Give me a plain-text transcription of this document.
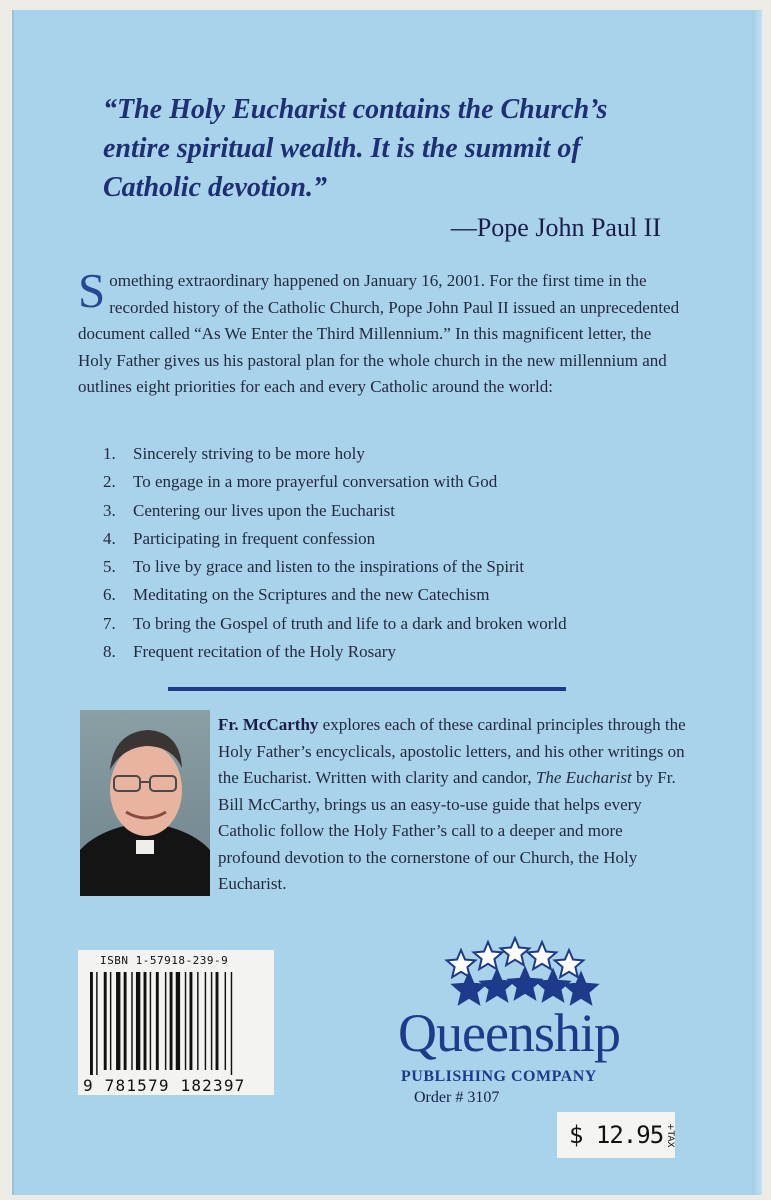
“The Holy Eucharist contains the Church’s entire spiritual wealth. It is the summit of Catholic devotion.”

—Pope John Paul II

Something extraordinary happened on January 16, 2001. For the first time in the recorded history of the Catholic Church, Pope John Paul II issued an unprecedented document called “As We Enter the Third Millennium.” In this magnificent letter, the Holy Father gives us his pastoral plan for the whole church in the new millennium and outlines eight priorities for each and every Catholic around the world:

1.	Sincerely striving to be more holy
2.	To engage in a more prayerful conversation with God
3.	Centering our lives upon the Eucharist
4.	Participating in frequent confession
5.	To live by grace and listen to the inspirations of the Spirit
6.	Meditating on the Scriptures and the new Catechism
7.	To bring the Gospel of truth and life to a dark and broken world
8.	Frequent recitation of the Holy Rosary

Fr. McCarthy explores each of these cardinal principles through the Holy Father’s encyclicals, apostolic letters, and his other writings on the Eucharist. Written with clarity and candor, The Eucharist by Fr. Bill McCarthy, brings us an easy-to-use guide that helps every Catholic follow the Holy Father’s call to a deeper and more profound devotion to the cornerstone of our Church, the Holy Eucharist.

ISBN 1-57918-239-9
9 781579 182397

Queenship

PUBLISHING COMPANY

Order # 3107

$ 12.95 +TAX
